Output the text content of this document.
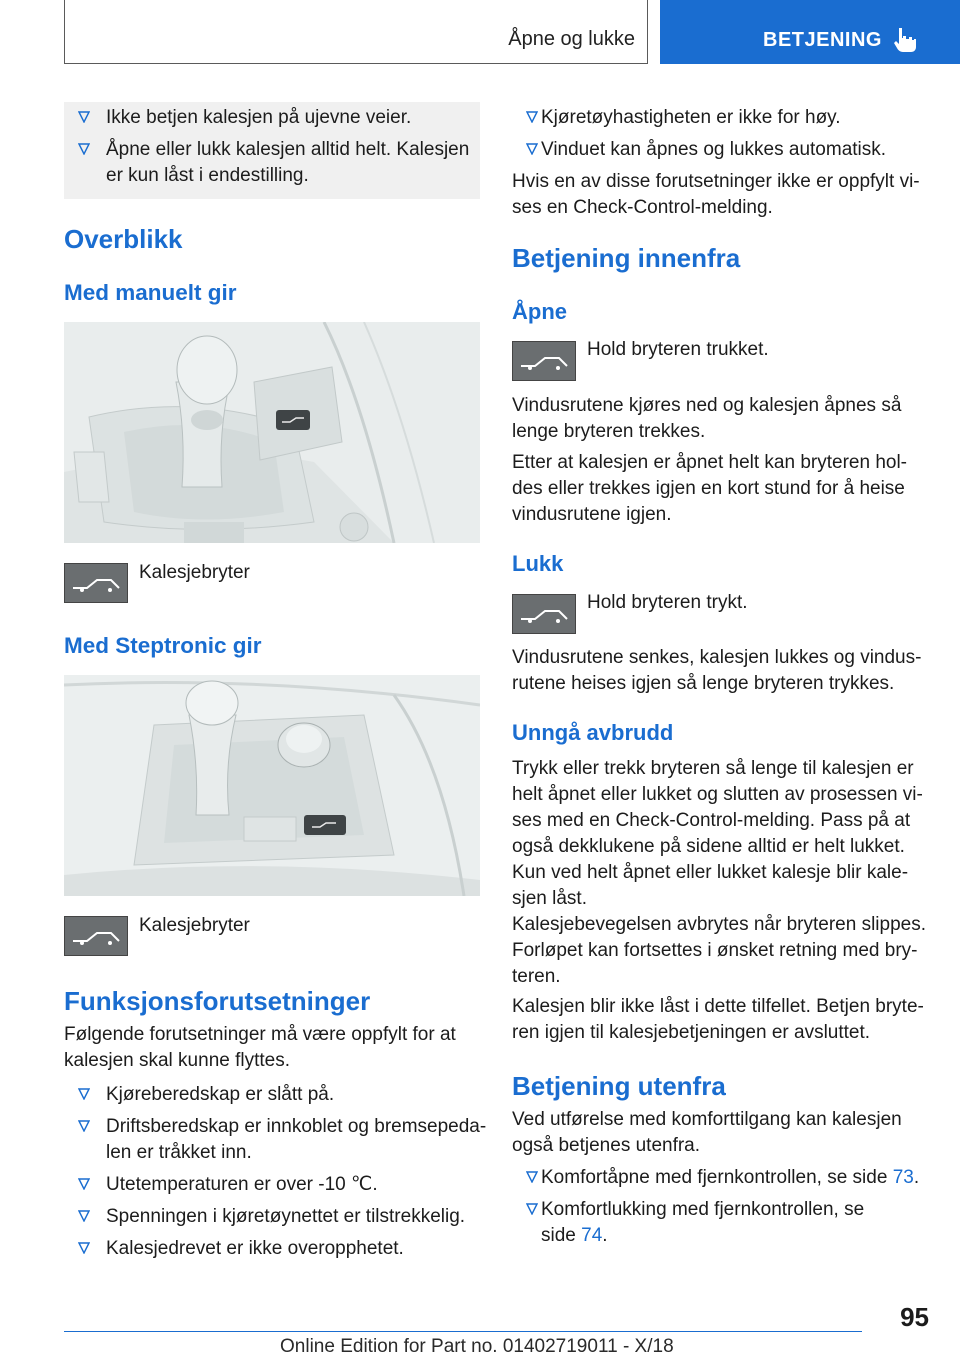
Åpne og lukke	BETJENING
Ikke betjen kalesjen på ujevne veier.
Åpne eller lukk kalesjen alltid helt. Kalesjen
er kun låst i endestilling.
Overblikk
Med manuelt gir
Kalesjebryter
Med Steptronic gir
Kalesjebryter
Funksjonsforutsetninger
Følgende forutsetninger må være oppfylt for at
kalesjen skal kunne flyttes.
Kjøreberedskap er slått på.
Driftsberedskap er innkoblet og bremsepeda-
len er tråkket inn.
Utetemperaturen er over -10 ℃.
Spenningen i kjøretøynettet er tilstrekkelig.
Kalesjedrevet er ikke overopphetet.
Kjøretøyhastigheten er ikke for høy.
Vinduet kan åpnes og lukkes automatisk.
Hvis en av disse forutsetninger ikke er oppfylt vi-
ses en Check-Control-melding.
Betjening innenfra
Åpne
Hold bryteren trukket.
Vindusrutene kjøres ned og kalesjen åpnes så
lenge bryteren trekkes.
Etter at kalesjen er åpnet helt kan bryteren hol-
des eller trekkes igjen en kort stund for å heise
vindusrutene igjen.
Lukk
Hold bryteren trykt.
Vindusrutene senkes, kalesjen lukkes og vindus-
rutene heises igjen så lenge bryteren trykkes.
Unngå avbrudd
Trykk eller trekk bryteren så lenge til kalesjen er
helt åpnet eller lukket og slutten av prosessen vi-
ses med en Check-Control-melding. Pass på at
også dekklukene på sidene alltid er helt lukket.
Kun ved helt åpnet eller lukket kalesje blir kale-
sjen låst.
Kalesjebevegelsen avbrytes når bryteren slippes.
Forløpet kan fortsettes i ønsket retning med bry-
teren.
Kalesjen blir ikke låst i dette tilfellet. Betjen bryte-
ren igjen til kalesjebetjeningen er avsluttet.
Betjening utenfra
Ved utførelse med komforttilgang kan kalesjen
også betjenes utenfra.
Komfortåpne med fjernkontrollen, se side 73.
Komfortlukking med fjernkontrollen, se
side 74.
95
Online Edition for Part no. 01402719011 - X/18
